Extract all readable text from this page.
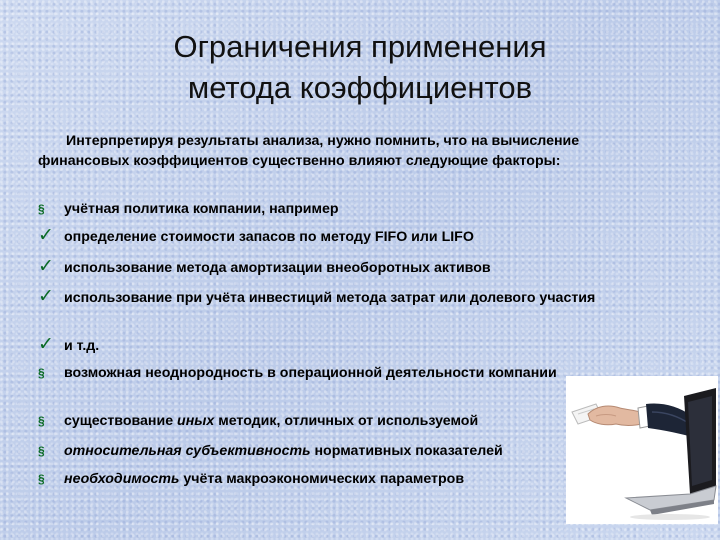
Ограничения применения
метода коэффициентов
Интерпретируя результаты анализа, нужно помнить, что на вычисление финансовых коэффициентов существенно влияют следующие факторы:
§ учётная политика компании, например
✓ определение стоимости запасов по методу FIFO или LIFO
✓ использование метода амортизации внеоборотных активов
✓ использование при учёта инвестиций метода затрат или долевого участия
✓ и т.д.
§ возможная неоднородность в операционной деятельности компании
§ существование иных методик, отличных от используемой
§ относительная субъективность нормативных показателей
§ необходимость учёта макроэкономических параметров
